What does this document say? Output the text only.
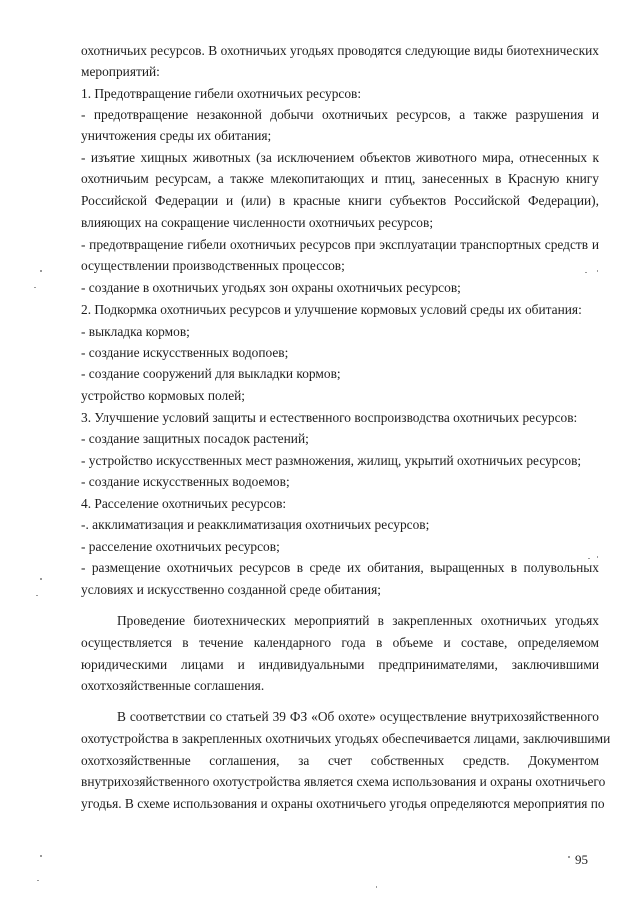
охотничьих ресурсов. В охотничьих угодьях проводятся следующие виды биотехнических
мероприятий:
1. Предотвращение гибели охотничьих ресурсов:
- предотвращение незаконной добычи охотничьих ресурсов, а также разрушения и
уничтожения среды их обитания;
- изъятие хищных животных (за исключением объектов животного мира, отнесенных к
охотничьим ресурсам, а также млекопитающих и птиц, занесенных в Красную книгу
Российской Федерации и (или) в красные книги субъектов Российской Федерации),
влияющих на сокращение численности охотничьих ресурсов;
- предотвращение гибели охотничьих ресурсов при эксплуатации транспортных средств и
осуществлении производственных процессов;
- создание в охотничьих угодьях зон охраны охотничьих ресурсов;
2. Подкормка охотничьих ресурсов и улучшение кормовых условий среды их обитания:
- выкладка кормов;
- создание искусственных водопоев;
- создание сооружений для выкладки кормов;
устройство кормовых полей;
3. Улучшение условий защиты и естественного воспроизводства охотничьих ресурсов:
- создание защитных посадок растений;
- устройство искусственных мест размножения, жилищ, укрытий охотничьих ресурсов;
- создание искусственных водоемов;
4. Расселение охотничьих ресурсов:
-. акклиматизация и реакклиматизация охотничьих ресурсов;
- расселение охотничьих ресурсов;
- размещение охотничьих ресурсов в среде их обитания, выращенных в полувольных
условиях и искусственно созданной среде обитания;
Проведение биотехнических мероприятий в закрепленных охотничьих угодьях
осуществляется в течение календарного года в объеме и составе, определяемом
юридическими лицами и индивидуальными предпринимателями, заключившими
охотхозяйственные соглашения.
В соответствии со статьей 39 ФЗ «Об охоте» осуществление внутрихозяйственного
охотустройства в закрепленных охотничьих угодьях обеспечивается лицами, заключившими
охотхозяйственные соглашения, за счет собственных средств. Документом
внутрихозяйственного охотустройства является схема использования и охраны охотничьего
угодья. В схеме использования и охраны охотничьего угодья определяются мероприятия по
95
